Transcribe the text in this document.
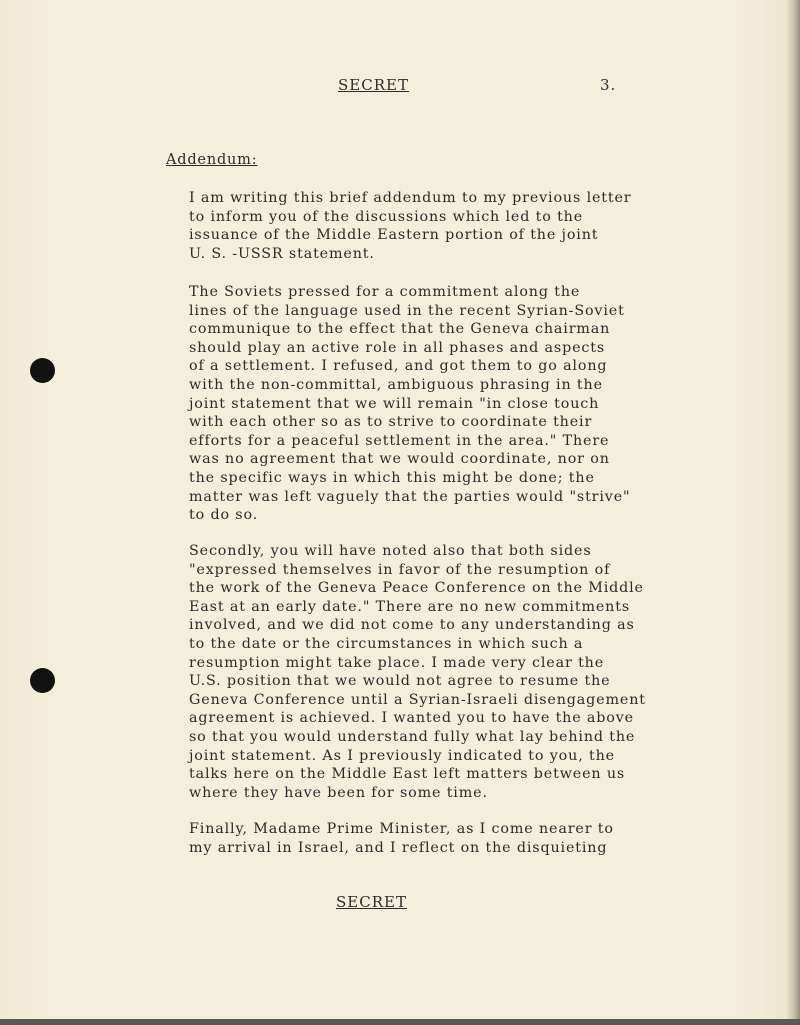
SECRET	3.
Addendum:
I am writing this brief addendum to my previous letter
to inform you of the discussions which led to the
issuance of the Middle Eastern portion of the joint
U. S. -USSR statement.
The Soviets pressed for a commitment along the
lines of the language used in the recent Syrian-Soviet
communique to the effect that the Geneva chairman
should play an active role in all phases and aspects
of a settlement. I refused, and got them to go along
with the non-committal, ambiguous phrasing in the
joint statement that we will remain "in close touch
with each other so as to strive to coordinate their
efforts for a peaceful settlement in the area." There
was no agreement that we would coordinate, nor on
the specific ways in which this might be done; the
matter was left vaguely that the parties would "strive"
to do so.
Secondly, you will have noted also that both sides
"expressed themselves in favor of the resumption of
the work of the Geneva Peace Conference on the Middle
East at an early date." There are no new commitments
involved, and we did not come to any understanding as
to the date or the circumstances in which such a
resumption might take place. I made very clear the
U.S. position that we would not agree to resume the
Geneva Conference until a Syrian-Israeli disengagement
agreement is achieved. I wanted you to have the above
so that you would understand fully what lay behind the
joint statement. As I previously indicated to you, the
talks here on the Middle East left matters between us
where they have been for some time.
Finally, Madame Prime Minister, as I come nearer to
my arrival in Israel, and I reflect on the disquieting
SECRET
